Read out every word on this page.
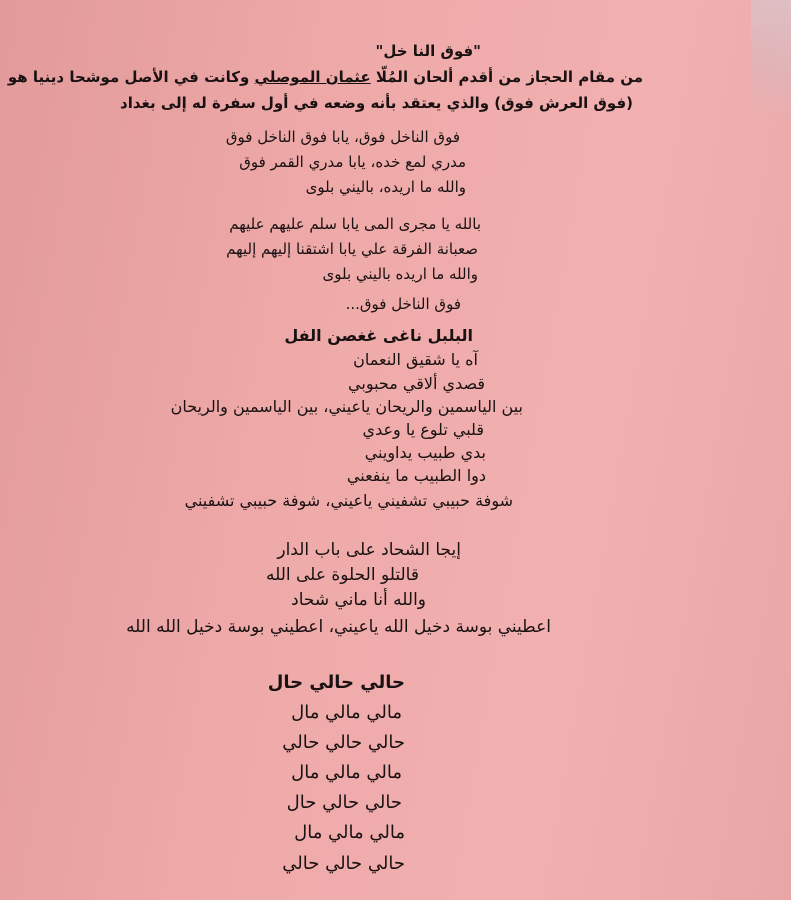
"فوق النا خل"
من مقام الحجاز من أقدم ألحان المُلّا عثمان الموصلي وكانت في الأصل موشحا دينيا هو
(فوق العرش فوق) والذي يعتقد بأنه وضعه في أول سفرة له إلى بغداد
فوق الناخل فوق، يابا فوق الناخل فوق
مدري لمع خده، يابا مدري القمر فوق
والله ما اريده، باليني بلوى
بالله يا مجرى المى يابا سلم عليهم عليهم
صعبانة الفرقة علي يابا اشتقنا إليهم إليهم
والله ما اريده باليني بلوى
فوق الناخل فوق...
البلبل ناغى غغصن الفل
آه يا شقيق النعمان
قصدي ألاقي محبوبي
بين الياسمين والريحان ياعيني، بين الياسمين والريحان
قلبي تلوع يا وعدي
بدي طبيب يداويني
دوا الطبيب ما ينفعني
شوفة حبيبي تشفيني ياعيني، شوفة حبيبي تشفيني
إيجا الشحاد على باب الدار
قالتلو الحلوة على الله
والله أنا ماني شحاد
اعطيني بوسة دخيل الله ياعيني، اعطيني بوسة دخيل الله الله
حالي حالي حال
مالي مالي مال
حالي حالي حالي
مالي مالي مال
حالي حالي حال
مالي مالي مال
حالي حالي حالي
